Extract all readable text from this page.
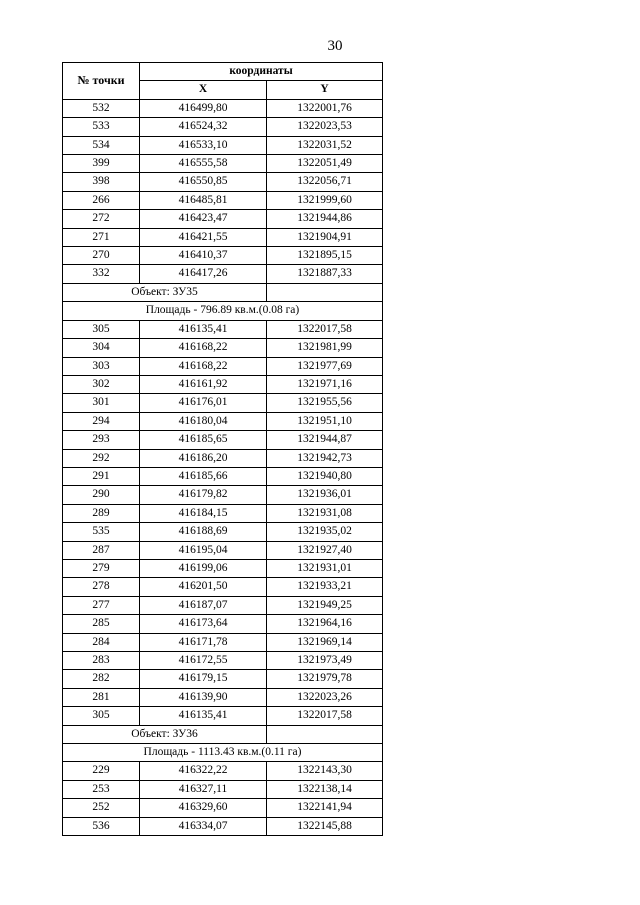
30
№ точки	координаты	
	X	Y
532	416499,80	1322001,76
533	416524,32	1322023,53
534	416533,10	1322031,52
399	416555,58	1322051,49
398	416550,85	1322056,71
266	416485,81	1321999,60
272	416423,47	1321944,86
271	416421,55	1321904,91
270	416410,37	1321895,15
332	416417,26	1321887,33
Объект: ЗУ35		
Площадь - 796.89 кв.м.(0.08 га)		
305	416135,41	1322017,58
304	416168,22	1321981,99
303	416168,22	1321977,69
302	416161,92	1321971,16
301	416176,01	1321955,56
294	416180,04	1321951,10
293	416185,65	1321944,87
292	416186,20	1321942,73
291	416185,66	1321940,80
290	416179,82	1321936,01
289	416184,15	1321931,08
535	416188,69	1321935,02
287	416195,04	1321927,40
279	416199,06	1321931,01
278	416201,50	1321933,21
277	416187,07	1321949,25
285	416173,64	1321964,16
284	416171,78	1321969,14
283	416172,55	1321973,49
282	416179,15	1321979,78
281	416139,90	1322023,26
305	416135,41	1322017,58
Объект: ЗУ36		
Площадь - 1113.43 кв.м.(0.11 га)		
229	416322,22	1322143,30
253	416327,11	1322138,14
252	416329,60	1322141,94
536	416334,07	1322145,88
